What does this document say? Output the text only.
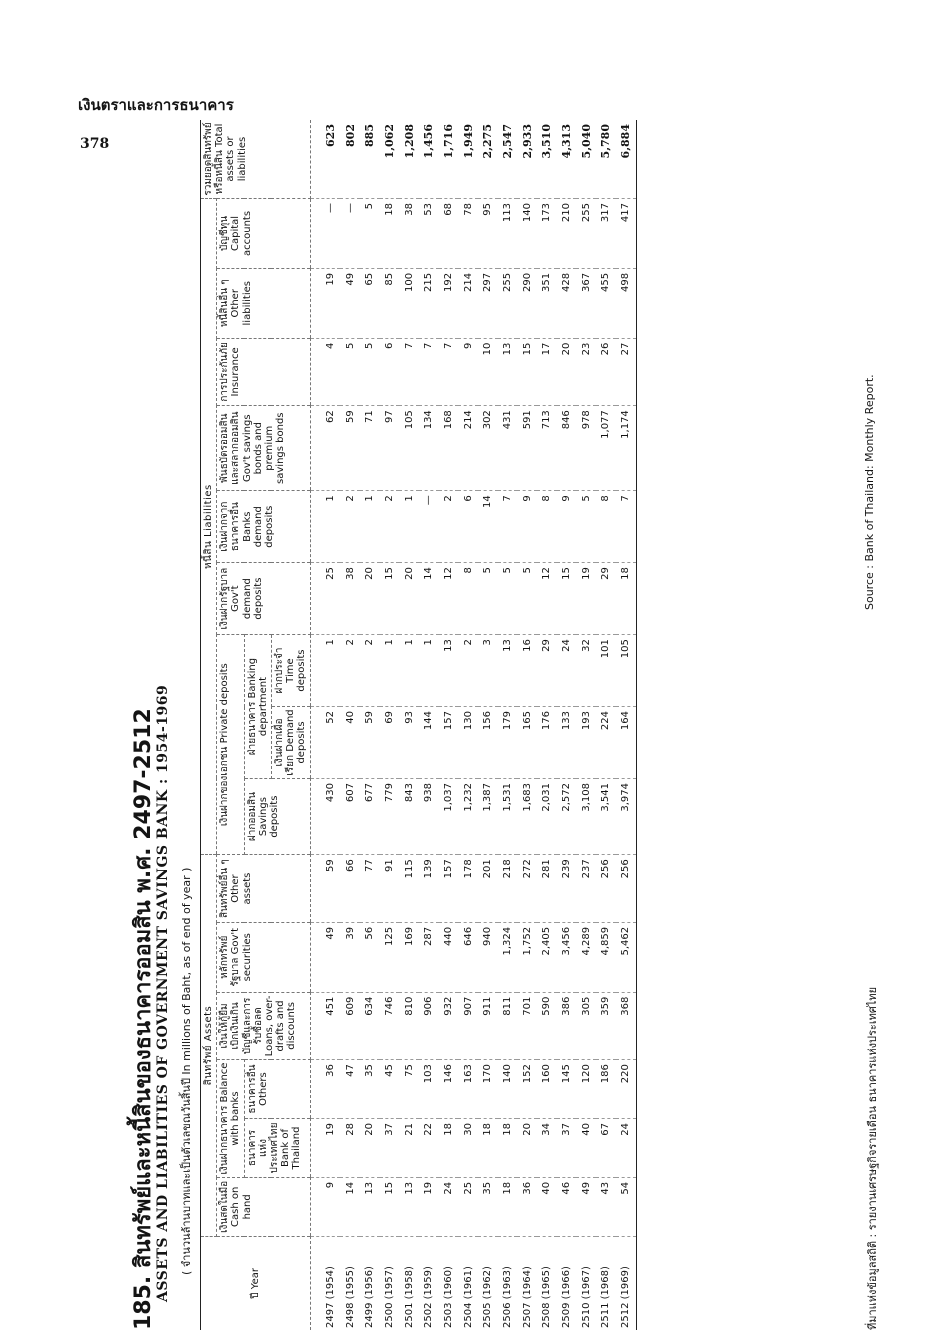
เงินตราและการธนาคาร
378
185. สินทรัพย์และหนี้สินของธนาคารออมสิน พ.ศ. 2497-2512 ASSETS AND LIABILITIES OF GOVERNMENT SAVINGS BANK : 1954-1969 ( จำนวนล้านบาทและเป็นตัวเลขณวันสิ้นปี In millions of Baht, as of end of year )
ปี Year	สินทรัพย์ Assets						หนี้สิน Liabilities									รวมยอดสินทรัพย์หรือหนี้สิน Total assets or liabilities
	เงินสดในมือ Cash on hand	เงินฝากธนาคาร Balance with banks		เงินให้กู้ยืม เบิกเงินเกินบัญชีและการรับซื้อลด Loans, over-drafts and discounts	หลักทรัพย์รัฐบาล Gov't securities	สินทรัพย์อื่น ๆ Other assets	เงินฝากของเอกชน Private deposits			เงินฝากรัฐบาล Gov't demand deposits	เงินฝากจากธนาคารอื่น Banks demand deposits	พันธบัตรออมสินและสลากออมสิน Gov't savings bonds and premium savings bonds	การประกันภัย Insurance	หนี้สินอื่น ๆ Other liabilities	บัญชีทุน Capital accounts	
		ธนาคารแห่งประเทศไทย Bank of Thailand	ธนาคารอื่น Others				ฝากออมสิน Savings deposits	ฝ่ายธนาคาร Banking department								
								เงินฝากเผื่อเรียก Demand deposits	ฝากประจำ Time deposits							
2497 (1954)	9	19	36	451	49	59	430	52	1	25	1	62	4	19	—	623
2498 (1955)	14	28	47	609	39	66	607	40	2	38	2	59	5	49	—	802
2499 (1956)	13	20	35	634	56	77	677	59	2	20	1	71	5	65	5	885
2500 (1957)	15	37	45	746	125	91	779	69	1	15	2	97	6	85	18	1,062
2501 (1958)	13	21	75	810	169	115	843	93	1	20	1	105	7	100	38	1,208
2502 (1959)	19	22	103	906	287	139	938	144	1	14	—	134	7	215	53	1,456
2503 (1960)	24	18	146	932	440	157	1,037	157	13	12	2	168	7	192	68	1,716
2504 (1961)	25	30	163	907	646	178	1,232	130	2	8	6	214	9	214	78	1,949
2505 (1962)	35	18	170	911	940	201	1,387	156	3	5	14	302	10	297	95	2,275
2506 (1963)	18	18	140	811	1,324	218	1,531	179	13	5	7	431	13	255	113	2,547
2507 (1964)	36	20	152	701	1,752	272	1,683	165	16	5	9	591	15	290	140	2,933
2508 (1965)	40	34	160	590	2,405	281	2,031	176	29	12	8	713	17	351	173	3,510
2509 (1966)	46	37	145	386	3,456	239	2,572	133	24	15	9	846	20	428	210	4,313
2510 (1967)	49	40	120	305	4,289	237	3,108	193	32	19	5	978	23	367	255	5,040
2511 (1968)	43	67	186	359	4,859	256	3,541	224	101	29	8	1,077	26	455	317	5,780
2512 (1969)	54	24	220	368	5,462	256	3,974	164	105	18	7	1,174	27	498	417	6,884
ที่มาแห่งข้อมูลสถิติ : รายงานเศรษฐกิจรายเดือน ธนาคารแห่งประเทศไทย
Source : Bank of Thailand: Monthly Report.
